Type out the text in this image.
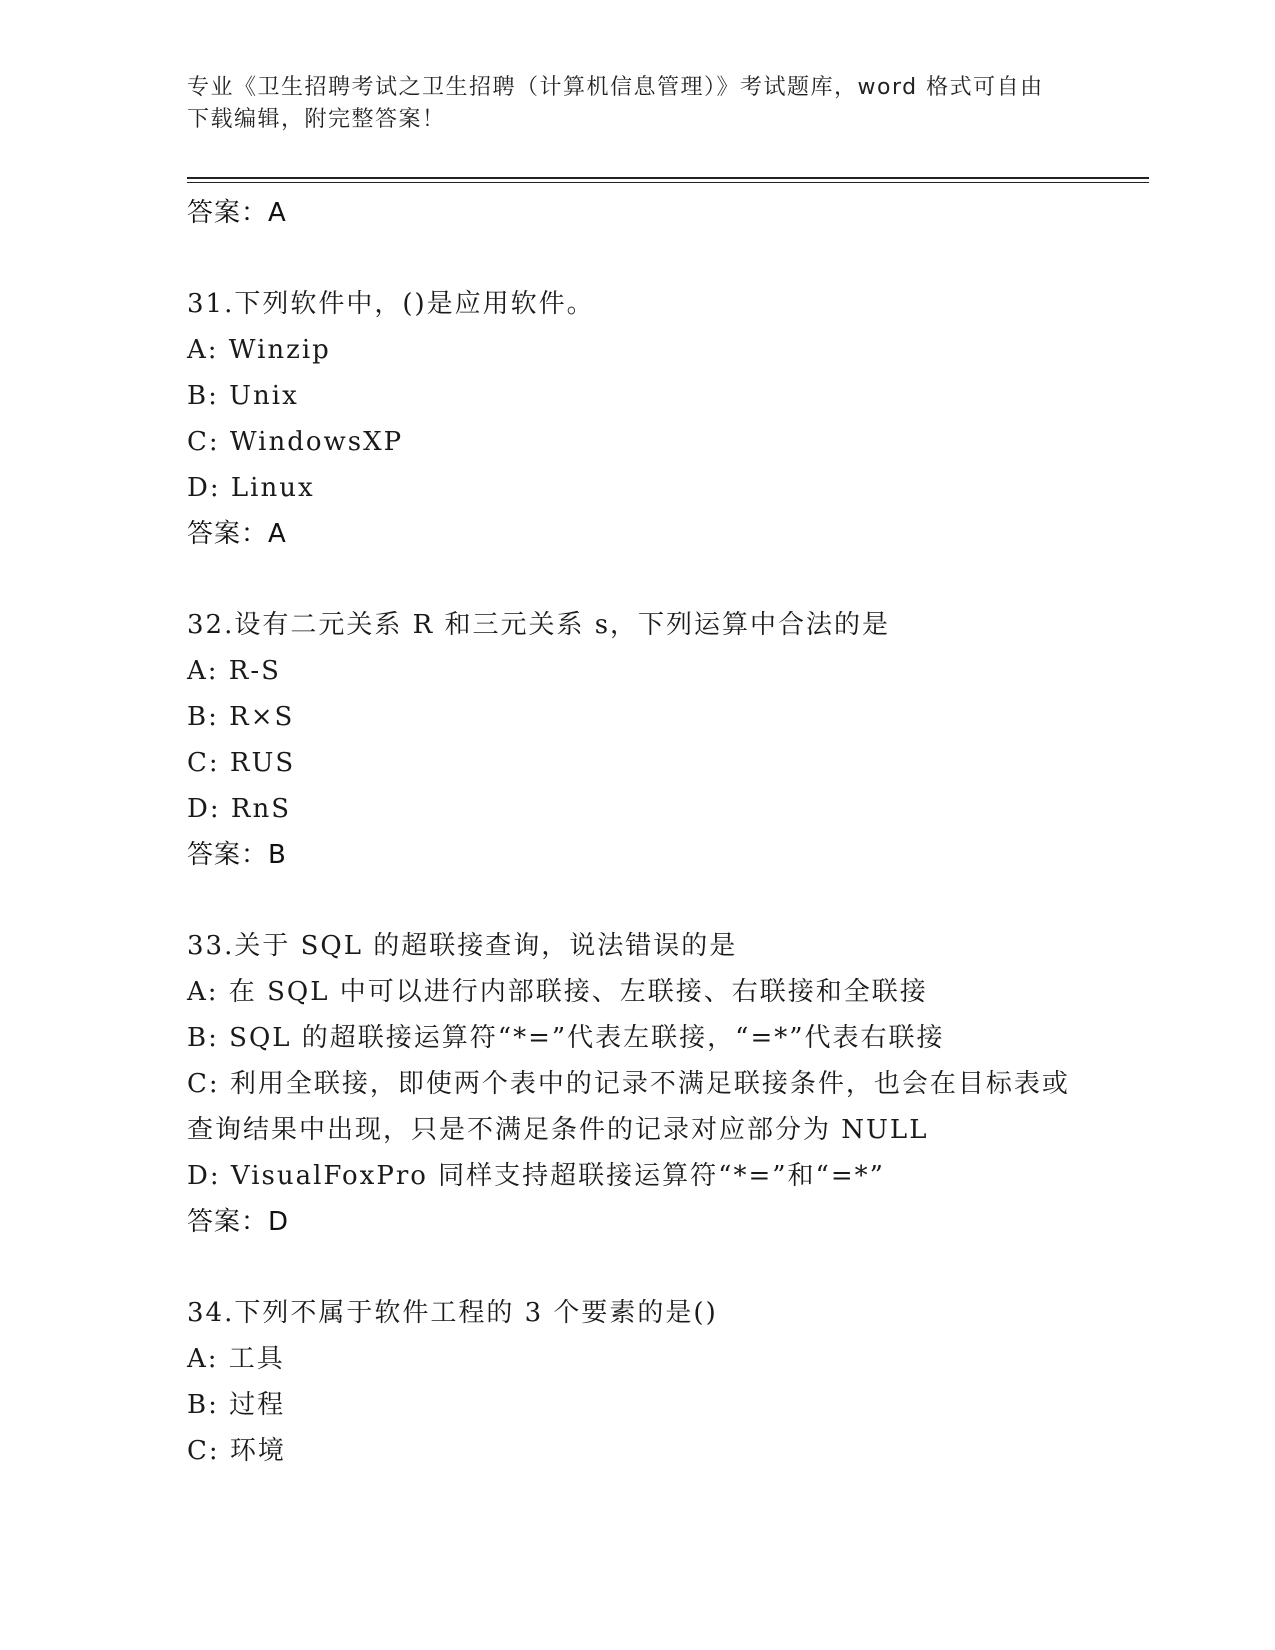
专业《卫生招聘考试之卫生招聘（计算机信息管理）》考试题库，word 格式可自由下载编辑，附完整答案！
答案：A
31.下列软件中，()是应用软件。
A: Winzip
B: Unix
C: WindowsXP
D: Linux
答案：A
32.设有二元关系 R 和三元关系 s，下列运算中合法的是
A: R-S
B: R×S
C: RUS
D: RnS
答案：B
33.关于 SQL 的超联接查询，说法错误的是
A: 在 SQL 中可以进行内部联接、左联接、右联接和全联接
B: SQL 的超联接运算符“*=”代表左联接，“=*”代表右联接
C: 利用全联接，即使两个表中的记录不满足联接条件，也会在目标表或查询结果中出现，只是不满足条件的记录对应部分为 NULL
D: VisualFoxPro 同样支持超联接运算符“*=”和“=*”
答案：D
34.下列不属于软件工程的 3 个要素的是()
A: 工具
B: 过程
C: 环境
